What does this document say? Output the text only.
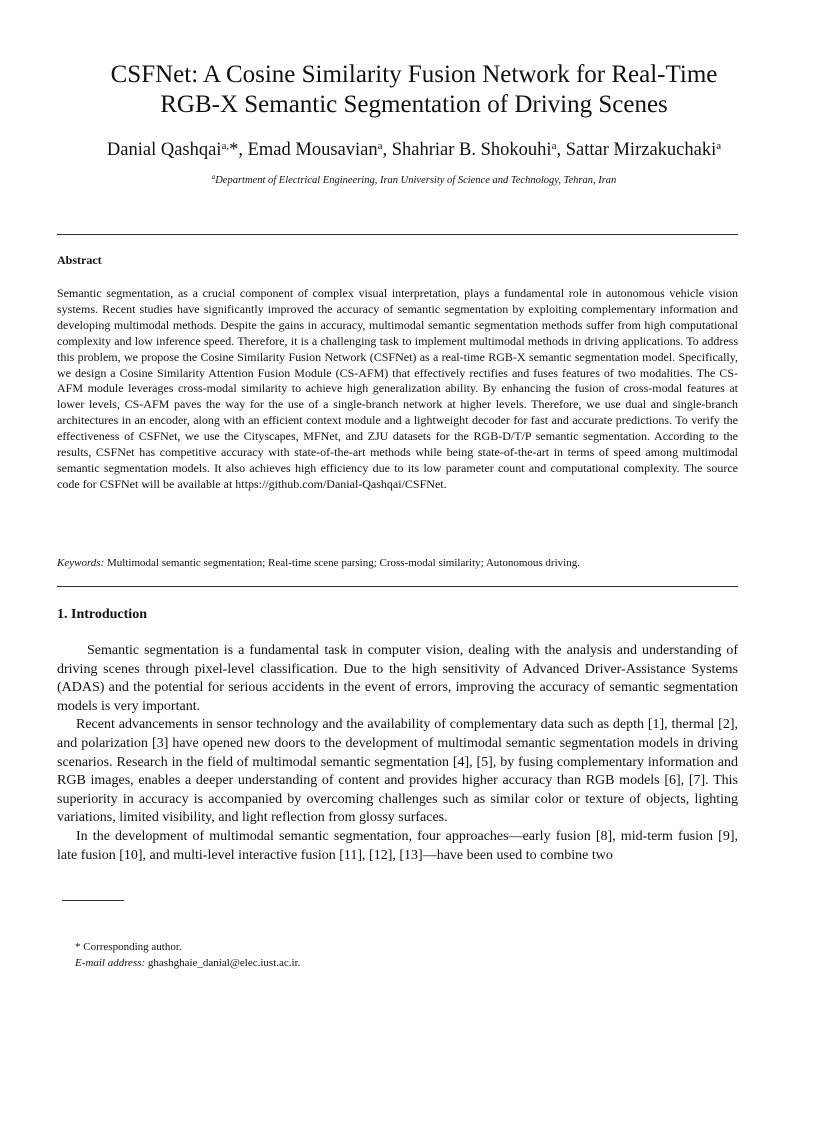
CSFNet: A Cosine Similarity Fusion Network for Real-Time
RGB-X Semantic Segmentation of Driving Scenes
Danial Qashqai$^{a,}$*, Emad Mousavian$^a$, Shahriar B. Shokouhi$^a$, Sattar Mirzakuchaki$^a$
$^a$Department of Electrical Engineering, Iran University of Science and Technology, Tehran, Iran
Abstract
Semantic segmentation, as a crucial component of complex visual interpretation, plays a fundamental role in autonomous vehicle vision systems. Recent studies have significantly improved the accuracy of semantic segmentation by exploiting complementary information and developing multimodal methods. Despite the gains in accuracy, multimodal semantic segmentation methods suffer from high computational complexity and low inference speed. Therefore, it is a challenging task to implement multimodal methods in driving applications. To address this problem, we propose the Cosine Similarity Fusion Network (CSFNet) as a real-time RGB-X semantic segmentation model. Specifically, we design a Cosine Similarity Attention Fusion Module (CS-AFM) that effectively rectifies and fuses features of two modalities. The CS-AFM module leverages cross-modal similarity to achieve high generalization ability. By enhancing the fusion of cross-modal features at lower levels, CS-AFM paves the way for the use of a single-branch network at higher levels. Therefore, we use dual and single-branch architectures in an encoder, along with an efficient context module and a lightweight decoder for fast and accurate predictions. To verify the effectiveness of CSFNet, we use the Cityscapes, MFNet, and ZJU datasets for the RGB-D/T/P semantic segmentation. According to the results, CSFNet has competitive accuracy with state-of-the-art methods while being state-of-the-art in terms of speed among multimodal semantic segmentation models. It also achieves high efficiency due to its low parameter count and computational complexity. The source code for CSFNet will be available at https://github.com/Danial-Qashqai/CSFNet.
Keywords: Multimodal semantic segmentation; Real-time scene parsing; Cross-modal similarity; Autonomous driving.
1. Introduction

Semantic segmentation is a fundamental task in computer vision, dealing with the analysis and understanding of driving scenes through pixel-level classification. Due to the high sensitivity of Advanced Driver-Assistance Systems (ADAS) and the potential for serious accidents in the event of errors, improving the accuracy of semantic segmentation models is very important.

Recent advancements in sensor technology and the availability of complementary data such as depth [1], thermal [2], and polarization [3] have opened new doors to the development of multimodal semantic segmentation models in driving scenarios. Research in the field of multimodal semantic segmentation [4], [5], by fusing complementary information and RGB images, enables a deeper understanding of content and provides higher accuracy than RGB models [6], [7]. This superiority in accuracy is accompanied by overcoming challenges such as similar color or texture of objects, lighting variations, limited visibility, and light reflection from glossy surfaces.

In the development of multimodal semantic segmentation, four approaches—early fusion [8], mid-term fusion [9], late fusion [10], and multi-level interactive fusion [11], [12], [13]—have been used to combine two

* Corresponding author.
E-mail address: ghashghaie_danial@elec.iust.ac.ir.
